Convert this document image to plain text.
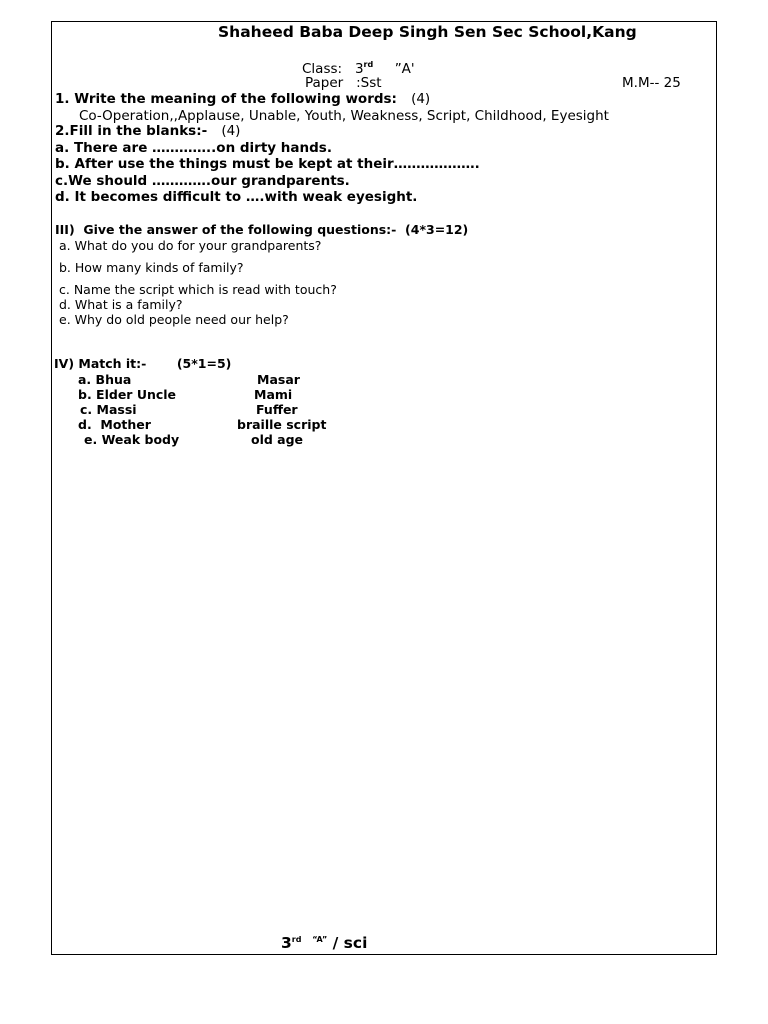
Shaheed Baba Deep Singh Sen Sec School,Kang
Class: 3rd ”A'
Paper   :Sst	M.M-- 25
1. Write the meaning of the following words: (4)
Co-Operation,,Applause, Unable, Youth, Weakness, Script, Childhood, Eyesight
2.Fill in the blanks:- (4)
a. There are …………..on dirty hands.
b. After use the things must be kept at their……………….
c.We should ………….our grandparents.
d. It becomes difficult to ….with weak eyesight.
III)  Give the answer of the following questions:-  (4*3=12)
a. What do you do for your grandparents?
b. How many kinds of family?
c. Name the script which is read with touch?
d. What is a family?
e. Why do old people need our help?
IV) Match it:- (5*1=5)
a. Bhua
b. Elder Uncle
c. Massi
d.  Mother
e. Weak body
Masar
Mami
Fuffer
braille script
old age
3rd $^{“A”}$ / sci
